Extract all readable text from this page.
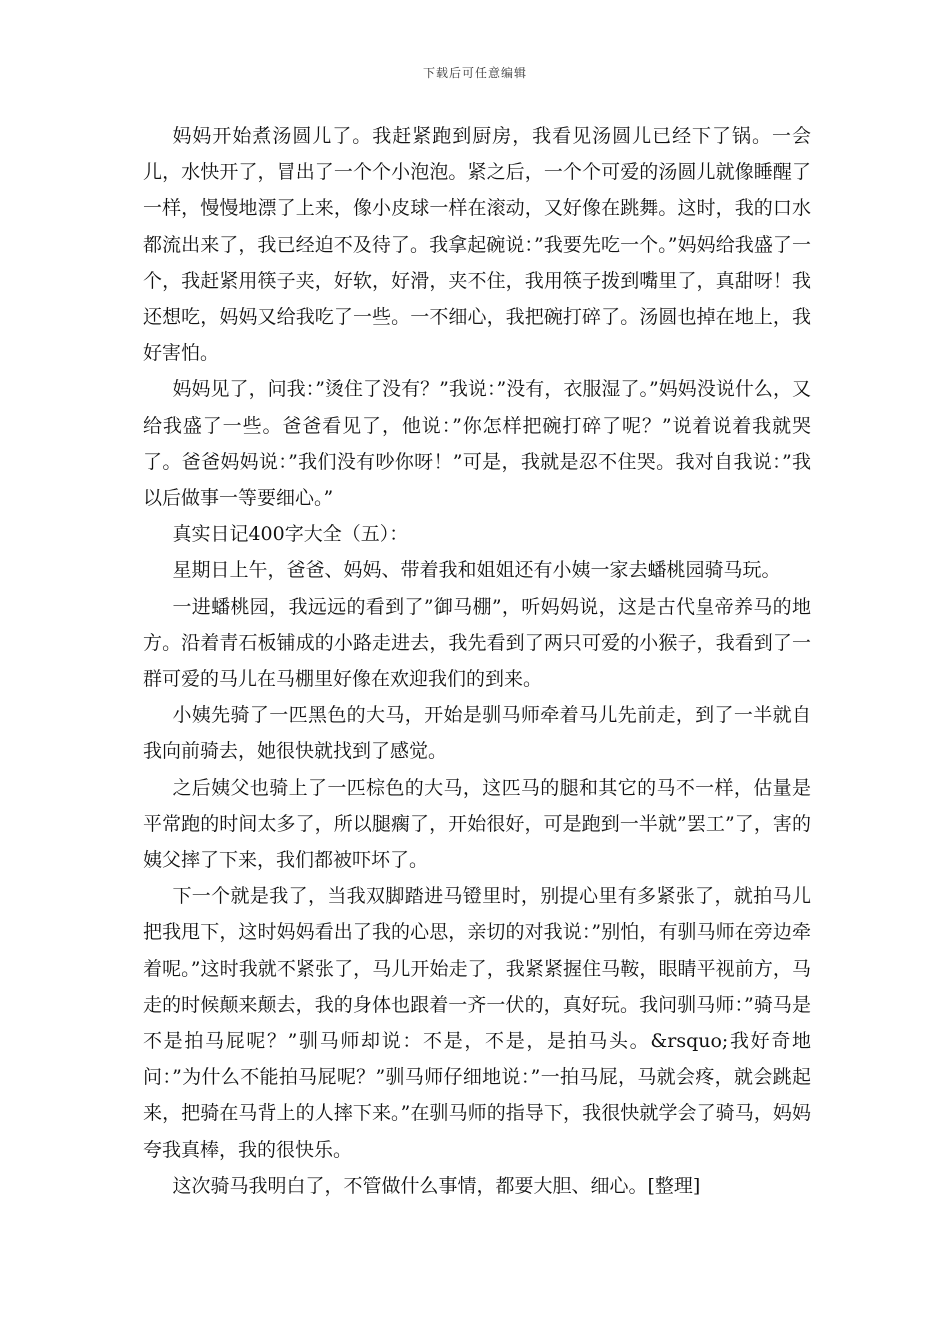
下载后可任意编辑

妈妈开始煮汤圆儿了。我赶紧跑到厨房，我看见汤圆儿已经下了锅。一会儿，水快开了，冒出了一个个小泡泡。紧之后，一个个可爱的汤圆儿就像睡醒了一样，慢慢地漂了上来，像小皮球一样在滚动，又好像在跳舞。这时，我的口水都流出来了，我已经迫不及待了。我拿起碗说：”我要先吃一个。”妈妈给我盛了一个，我赶紧用筷子夹，好软，好滑，夹不住，我用筷子拨到嘴里了，真甜呀！我还想吃，妈妈又给我吃了一些。一不细心，我把碗打碎了。汤圆也掉在地上，我好害怕。

妈妈见了，问我：”烫住了没有？”我说：”没有，衣服湿了。”妈妈没说什么，又给我盛了一些。爸爸看见了，他说：”你怎样把碗打碎了呢？”说着说着我就哭了。爸爸妈妈说：”我们没有吵你呀！”可是，我就是忍不住哭。我对自我说：”我以后做事一等要细心。”

真实日记400字大全（五）：

星期日上午，爸爸、妈妈、带着我和姐姐还有小姨一家去蟠桃园骑马玩。

一进蟠桃园，我远远的看到了”御马棚”，听妈妈说，这是古代皇帝养马的地方。沿着青石板铺成的小路走进去，我先看到了两只可爱的小猴子，我看到了一群可爱的马儿在马棚里好像在欢迎我们的到来。

小姨先骑了一匹黑色的大马，开始是驯马师牵着马儿先前走，到了一半就自我向前骑去，她很快就找到了感觉。

之后姨父也骑上了一匹棕色的大马，这匹马的腿和其它的马不一样，估量是平常跑的时间太多了，所以腿瘸了，开始很好，可是跑到一半就”罢工”了，害的姨父摔了下来，我们都被吓坏了。

下一个就是我了，当我双脚踏进马镫里时，别提心里有多紧张了，就拍马儿把我甩下，这时妈妈看出了我的心思，亲切的对我说：”别怕，有驯马师在旁边牵着呢。”这时我就不紧张了，马儿开始走了，我紧紧握住马鞍，眼睛平视前方，马走的时候颠来颠去，我的身体也跟着一齐一伏的，真好玩。我问驯马师：”骑马是不是拍马屁呢？”驯马师却说：不是，不是，是拍马头。&rsquo;我好奇地问：”为什么不能拍马屁呢？”驯马师仔细地说：”一拍马屁，马就会疼，就会跳起来，把骑在马背上的人摔下来。”在驯马师的指导下，我很快就学会了骑马，妈妈夸我真棒，我的很快乐。

这次骑马我明白了，不管做什么事情，都要大胆、细心。[整理]
